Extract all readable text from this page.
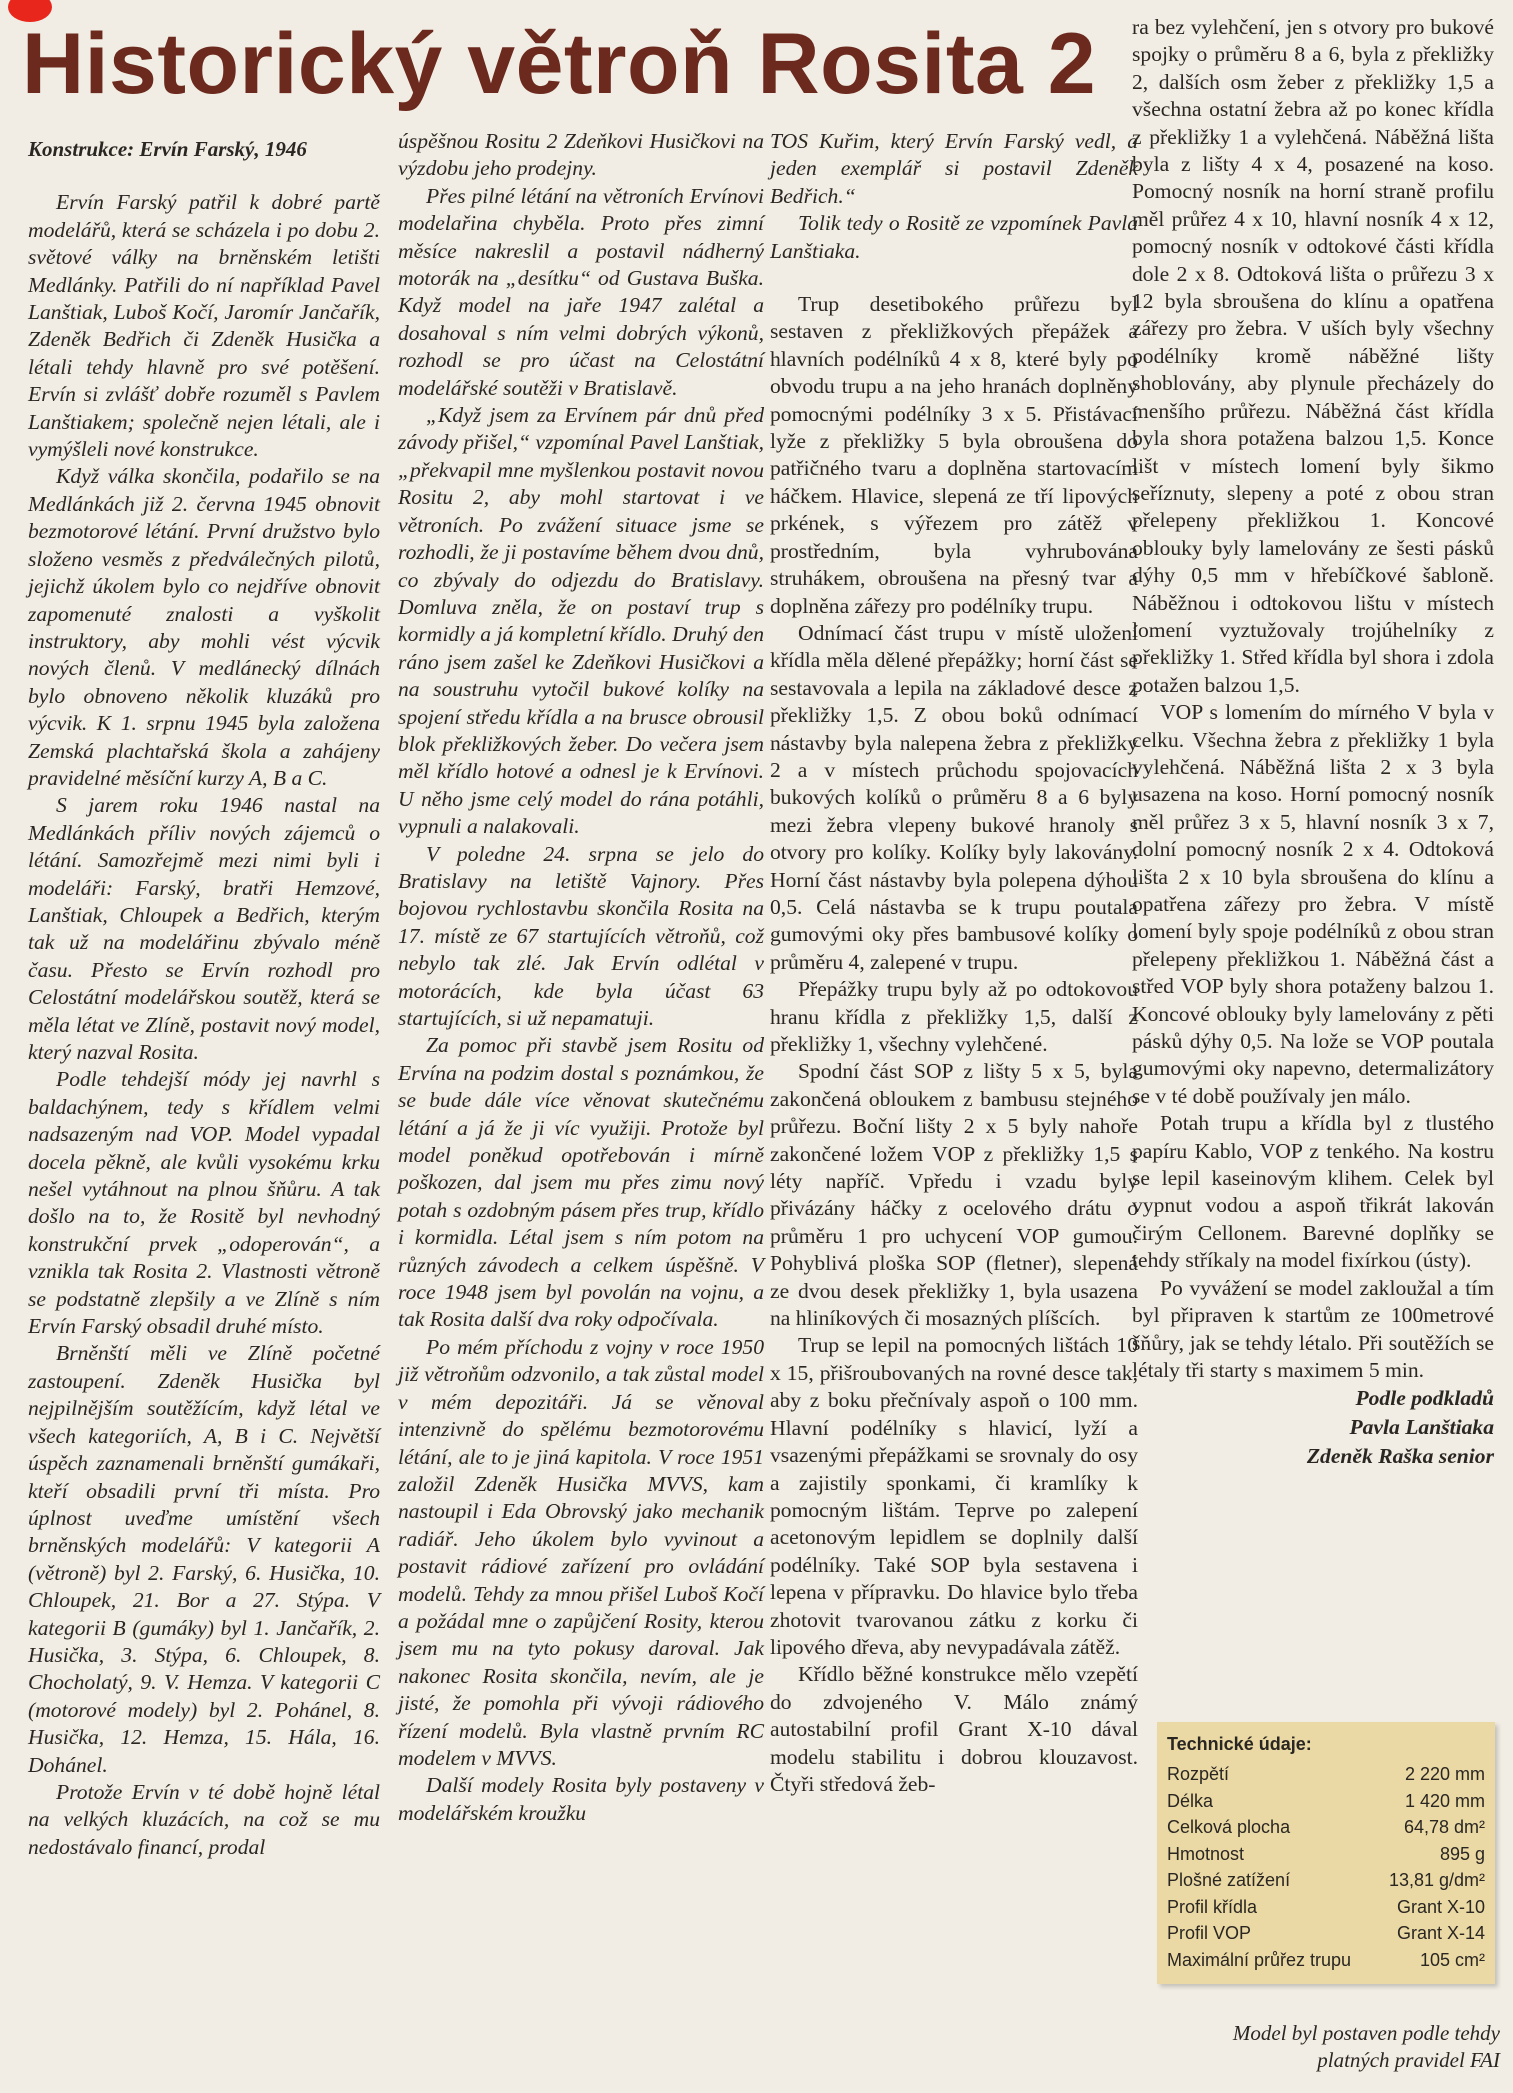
Historický větroň Rosita 2

Konstrukce: Ervín Farský, 1946

Ervín Farský patřil k dobré partě modelářů, která se scházela i po dobu 2. světové války na brněnském letišti Medlánky. Patřili do ní například Pavel Lanštiak, Luboš Kočí, Jaromír Jančařík, Zdeněk Bedřich či Zdeněk Husička a létali tehdy hlavně pro své potěšení. Ervín si zvlášť dobře rozuměl s Pavlem Lanštiakem; společně nejen létali, ale i vymýšleli nové konstrukce.

Když válka skončila, podařilo se na Medlánkách již 2. června 1945 obnovit bezmotorové létání. První družstvo bylo složeno vesměs z předválečných pilotů, jejichž úkolem bylo co nejdříve obnovit zapomenuté znalosti a vyškolit instruktory, aby mohli vést výcvik nových členů. V medlánecký dílnách bylo obnoveno několik kluzáků pro výcvik. K 1. srpnu 1945 byla založena Zemská plachtařská škola a zahájeny pravidelné měsíční kurzy A, B a C.

S jarem roku 1946 nastal na Medlánkách příliv nových zájemců o létání. Samozřejmě mezi nimi byli i modeláři: Farský, bratři Hemzové, Lanštiak, Chloupek a Bedřich, kterým tak už na modelářinu zbývalo méně času. Přesto se Ervín rozhodl pro Celostátní modelářskou soutěž, která se měla létat ve Zlíně, postavit nový model, který nazval Rosita.

Podle tehdejší módy jej navrhl s baldachýnem, tedy s křídlem velmi nadsazeným nad VOP. Model vypadal docela pěkně, ale kvůli vysokému krku nešel vytáhnout na plnou šňůru. A tak došlo na to, že Rositě byl nevhodný konstrukční prvek „odoperován“, a vznikla tak Rosita 2. Vlastnosti větroně se podstatně zlepšily a ve Zlíně s ním Ervín Farský obsadil druhé místo.

Brněnští měli ve Zlíně početné zastoupení. Zdeněk Husička byl nejpilnějším soutěžícím, když létal ve všech kategoriích, A, B i C. Největší úspěch zaznamenali brněnští gumákaři, kteří obsadili první tři místa. Pro úplnost uveďme umístění všech brněnských modelářů: V kategorii A (větroně) byl 2. Farský, 6. Husička, 10. Chloupek, 21. Bor a 27. Stýpa. V kategorii B (gumáky) byl 1. Jančařík, 2. Husička, 3. Stýpa, 6. Chloupek, 8. Chocholatý, 9. V. Hemza. V kategorii C (motorové modely) byl 2. Pohánel, 8. Husička, 12. Hemza, 15. Hála, 16. Dohánel.

Protože Ervín v té době hojně létal na velkých kluzácích, na což se mu nedostávalo financí, prodal

úspěšnou Rositu 2 Zdeňkovi Husičkovi na výzdobu jeho prodejny.

Přes pilné létání na větroních Ervínovi modelařina chyběla. Proto přes zimní měsíce nakreslil a postavil nádherný motorák na „desítku“ od Gustava Buška. Když model na jaře 1947 zalétal a dosahoval s ním velmi dobrých výkonů, rozhodl se pro účast na Celostátní modelářské soutěži v Bratislavě.

„Když jsem za Ervínem pár dnů před závody přišel,“ vzpomínal Pavel Lanštiak, „překvapil mne myšlenkou postavit novou Rositu 2, aby mohl startovat i ve větroních. Po zvážení situace jsme se rozhodli, že ji postavíme během dvou dnů, co zbývaly do odjezdu do Bratislavy. Domluva zněla, že on postaví trup s kormidly a já kompletní křídlo. Druhý den ráno jsem zašel ke Zdeňkovi Husičkovi a na soustruhu vytočil bukové kolíky na spojení středu křídla a na brusce obrousil blok překližkových žeber. Do večera jsem měl křídlo hotové a odnesl je k Ervínovi. U něho jsme celý model do rána potáhli, vypnuli a nalakovali.

V poledne 24. srpna se jelo do Bratislavy na letiště Vajnory. Přes bojovou rychlostavbu skončila Rosita na 17. místě ze 67 startujících větroňů, což nebylo tak zlé. Jak Ervín odlétal v motorácích, kde byla účast 63 startujících, si už nepamatuji.

Za pomoc při stavbě jsem Rositu od Ervína na podzim dostal s poznámkou, že se bude dále více věnovat skutečnému létání a já že ji víc využiji. Protože byl model poněkud opotřebován i mírně poškozen, dal jsem mu přes zimu nový potah s ozdobným pásem přes trup, křídlo i kormidla. Létal jsem s ním potom na různých závodech a celkem úspěšně. V roce 1948 jsem byl povolán na vojnu, a tak Rosita další dva roky odpočívala.

Po mém příchodu z vojny v roce 1950 již větroňům odzvonilo, a tak zůstal model v mém depozitáři. Já se věnoval intenzivně do spělému bezmotorovému létání, ale to je jiná kapitola. V roce 1951 založil Zdeněk Husička MVVS, kam nastoupil i Eda Obrovský jako mechanik radiář. Jeho úkolem bylo vyvinout a postavit rádiové zařízení pro ovládání modelů. Tehdy za mnou přišel Luboš Kočí a požádal mne o zapůjčení Rosity, kterou jsem mu na tyto pokusy daroval. Jak nakonec Rosita skončila, nevím, ale je jisté, že pomohla při vývoji rádiového řízení modelů. Byla vlastně prvním RC modelem v MVVS.

Další modely Rosita byly postaveny v modelářském kroužku

TOS Kuřim, který Ervín Farský vedl, a jeden exemplář si postavil Zdeněk Bedřich.“

Tolik tedy o Rositě ze vzpomínek Pavla Lanštiaka.

Trup desetibokého průřezu byl sestaven z překližkových přepážek a hlavních podélníků 4 x 8, které byly po obvodu trupu a na jeho hranách doplněny pomocnými podélníky 3 x 5. Přistávací lyže z překližky 5 byla obroušena do patřičného tvaru a doplněna startovacím háčkem. Hlavice, slepená ze tří lipových prkének, s výřezem pro zátěž v prostředním, byla vyhrubována struhákem, obroušena na přesný tvar a doplněna zářezy pro podélníky trupu.

Odnímací část trupu v místě uložení křídla měla dělené přepážky; horní část se sestavovala a lepila na základové desce z překližky 1,5. Z obou boků odnímací nástavby byla nalepena žebra z překližky 2 a v místech průchodu spojovacích bukových kolíků o průměru 8 a 6 byly mezi žebra vlepeny bukové hranoly s otvory pro kolíky. Kolíky byly lakovány. Horní část nástavby byla polepena dýhou 0,5. Celá nástavba se k trupu poutala gumovými oky přes bambusové kolíky o průměru 4, zalepené v trupu.

Přepážky trupu byly až po odtokovou hranu křídla z překližky 1,5, další z překližky 1, všechny vylehčené.

Spodní část SOP z lišty 5 x 5, byla zakončená obloukem z bambusu stejného průřezu. Boční lišty 2 x 5 byly nahoře zakončené ložem VOP z překližky 1,5 s léty napříč. Vpředu i vzadu byly přivázány háčky z ocelového drátu o průměru 1 pro uchycení VOP gumou. Pohyblivá ploška SOP (fletner), slepená ze dvou desek překližky 1, byla usazena na hliníkových či mosazných plíšcích.

Trup se lepil na pomocných lištách 10 x 15, přišroubovaných na rovné desce tak, aby z boku přečnívaly aspoň o 100 mm. Hlavní podélníky s hlavicí, lyží a vsazenými přepážkami se srovnaly do osy a zajistily sponkami, či kramlíky k pomocným lištám. Teprve po zalepení acetonovým lepidlem se doplnily další podélníky. Také SOP byla sestavena i lepena v přípravku. Do hlavice bylo třeba zhotovit tvarovanou zátku z korku či lipového dřeva, aby nevypadávala zátěž.

Křídlo běžné konstrukce mělo vzepětí do zdvojeného V. Málo známý autostabilní profil Grant X-10 dával modelu stabilitu i dobrou klouzavost. Čtyři středová žeb-

ra bez vylehčení, jen s otvory pro bukové spojky o průměru 8 a 6, byla z překližky 2, dalších osm žeber z překližky 1,5 a všechna ostatní žebra až po konec křídla z překližky 1 a vylehčená. Náběžná lišta byla z lišty 4 x 4, posazené na koso. Pomocný nosník na horní straně profilu měl průřez 4 x 10, hlavní nosník 4 x 12, pomocný nosník v odtokové části křídla dole 2 x 8. Odtoková lišta o průřezu 3 x 12 byla sbroušena do klínu a opatřena zářezy pro žebra. V uších byly všechny podélníky kromě náběžné lišty shoblovány, aby plynule přecházely do menšího průřezu. Náběžná část křídla byla shora potažena balzou 1,5. Konce lišt v místech lomení byly šikmo seříznuty, slepeny a poté z obou stran přelepeny překližkou 1. Koncové oblouky byly lamelovány ze šesti pásků dýhy 0,5 mm v hřebíčkové šabloně. Náběžnou i odtokovou lištu v místech lomení vyztužovaly trojúhelníky z překližky 1. Střed křídla byl shora i zdola potažen balzou 1,5.

VOP s lomením do mírného V byla v celku. Všechna žebra z překližky 1 byla vylehčená. Náběžná lišta 2 x 3 byla usazena na koso. Horní pomocný nosník měl průřez 3 x 5, hlavní nosník 3 x 7, dolní pomocný nosník 2 x 4. Odtoková lišta 2 x 10 byla sbroušena do klínu a opatřena zářezy pro žebra. V místě lomení byly spoje podélníků z obou stran přelepeny překližkou 1. Náběžná část a střed VOP byly shora potaženy balzou 1. Koncové oblouky byly lamelovány z pěti pásků dýhy 0,5. Na lože se VOP poutala gumovými oky napevno, determalizátory se v té době používaly jen málo.

Potah trupu a křídla byl z tlustého papíru Kablo, VOP z tenkého. Na kostru se lepil kaseinovým klihem. Celek byl vypnut vodou a aspoň třikrát lakován čirým Cellonem. Barevné doplňky se tehdy stříkaly na model fixírkou (ústy).

Po vyvážení se model zakloužal a tím byl připraven k startům ze 100metrové šňůry, jak se tehdy létalo. Při soutěžích se létaly tři starty s maximem 5 min.

Podle podkladů

Pavla Lanštiaka

Zdeněk Raška senior

Technické údaje:
Rozpětí	2 220 mm
Délka	1 420 mm
Celková plocha	64,78 dm²
Hmotnost	895 g
Plošné zatížení	13,81 g/dm²
Profil křídla	Grant X-10
Profil VOP	Grant X-14
Maximální průřez trupu	105 cm²
Model byl postaven podle tehdy platných pravidel FAI
